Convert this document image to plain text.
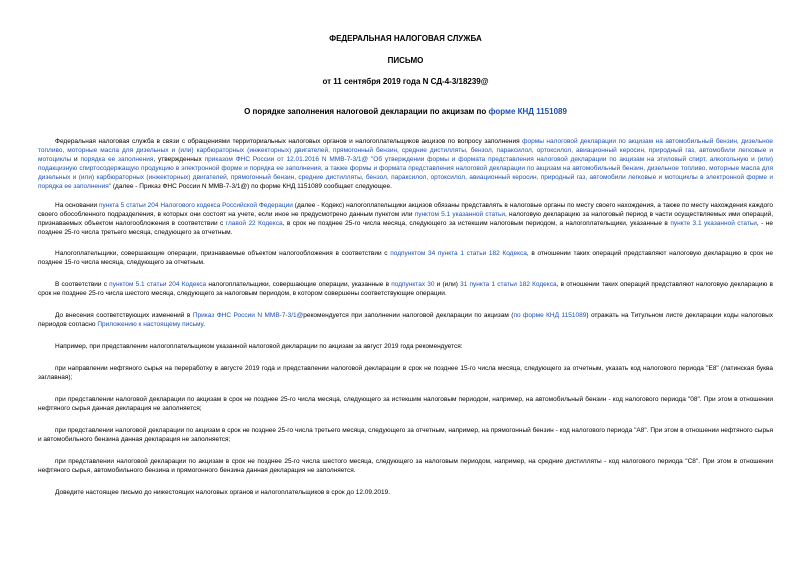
ФЕДЕРАЛЬНАЯ НАЛОГОВАЯ СЛУЖБА
ПИСЬМО
от 11 сентября 2019 года N СД-4-3/18239@
О порядке заполнения налоговой декларации по акцизам по форме КНД 1151089

Федеральная налоговая служба в связи с обращениями территориальных налоговых органов и налогоплательщиков акцизов по вопросу заполнения формы налоговой декларации по акцизам на автомобильный бензин, дизельное топливо, моторные масла для дизельных и (или) карбюраторных (инжекторных) двигателей, прямогонный бензин, средние дистилляты, бензол, параксилол, ортоксилол, авиационный керосин, природный газ, автомобили легковые и мотоциклы и порядка ее заполнения, утвержденных приказом ФНС России от 12.01.2016 N ММВ-7-3/1@ "Об утверждении формы и формата представления налоговой декларации по акцизам на этиловый спирт, алкогольную и (или) подакцизную спиртосодержащую продукцию в электронной форме и порядка ее заполнения, а также формы и формата представления налоговой декларации по акцизам на автомобильный бензин, дизельное топливо, моторные масла для дизельных и (или) карбюраторных (инжекторных) двигателей, прямогонный бензин, средние дистилляты, бензол, параксилол, ортоксилол, авиационный керосин, природный газ, автомобили легковые и мотоциклы в электронной форме и порядка ее заполнения" (далее - Приказ ФНС России N ММВ-7-3/1@) по форме КНД 1151089 сообщает следующее.

На основании пункта 5 статьи 204 Налогового кодекса Российской Федерации (далее - Кодекс) налогоплательщики акцизов обязаны представлять в налоговые органы по месту своего нахождения, а также по месту нахождения каждого своего обособленного подразделения, в которых они состоят на учете, если иное не предусмотрено данным пунктом или пунктом 5.1 указанной статьи, налоговую декларацию за налоговый период в части осуществляемых ими операций, признаваемых объектом налогообложения в соответствии с главой 22 Кодекса, в срок не позднее 25-го числа месяца, следующего за истекшим налоговым периодом, а налогоплательщики, указанные в пункте 3.1 указанной статьи, - не позднее 25-го числа третьего месяца, следующего за отчетным.

Налогоплательщики, совершающие операции, признаваемые объектом налогообложения в соответствии с подпунктом 34 пункта 1 статьи 182 Кодекса, в отношении таких операций представляют налоговую декларацию в срок не позднее 15-го числа месяца, следующего за отчетным.

В соответствии с пунктом 5.1 статьи 204 Кодекса налогоплательщики, совершающие операции, указанные в подпунктах 30 и (или) 31 пункта 1 статьи 182 Кодекса, в отношении таких операций представляют налоговую декларацию в срок не позднее 25-го числа шестого месяца, следующего за налоговым периодом, в котором совершены соответствующие операции.

До внесения соответствующих изменений в Приказ ФНС России N ММВ-7-3/1@рекомендуется при заполнении налоговой декларации по акцизам (по форме КНД 1151089) отражать на Титульном листе декларации коды налоговых периодов согласно Приложению к настоящему письму.

Например, при представлении налогоплательщиком указанной налоговой декларации по акцизам за август 2019 года рекомендуется:

при направлении нефтяного сырья на переработку в августе 2019 года и представлении налоговой декларации в срок не позднее 15-го числа месяца, следующего за отчетным, указать код налогового периода "Е8" (латинская буква заглавная);

при представлении налоговой декларации по акцизам в срок не позднее 25-го числа месяца, следующего за истекшим налоговым периодом, например, на автомобильный бензин - код налогового периода "08". При этом в отношении нефтяного сырья данная декларация не заполняется;

при представлении налоговой декларации по акцизам в срок не позднее 25-го числа третьего месяца, следующего за отчетным, например, на прямогонный бензин - код налогового периода "А8". При этом в отношении нефтяного сырья и автомобильного бензина данная декларация не заполняется;

при представлении налоговой декларации по акцизам в срок не позднее 25-го числа шестого месяца, следующего за налоговым периодом, например, на средние дистилляты - код налогового периода "С8". При этом в отношении нефтяного сырья, автомобильного бензина и прямогонного бензина данная декларация не заполняется.

Доведите настоящее письмо до нижестоящих налоговых органов и налогоплательщиков в срок до 12.09.2019.
